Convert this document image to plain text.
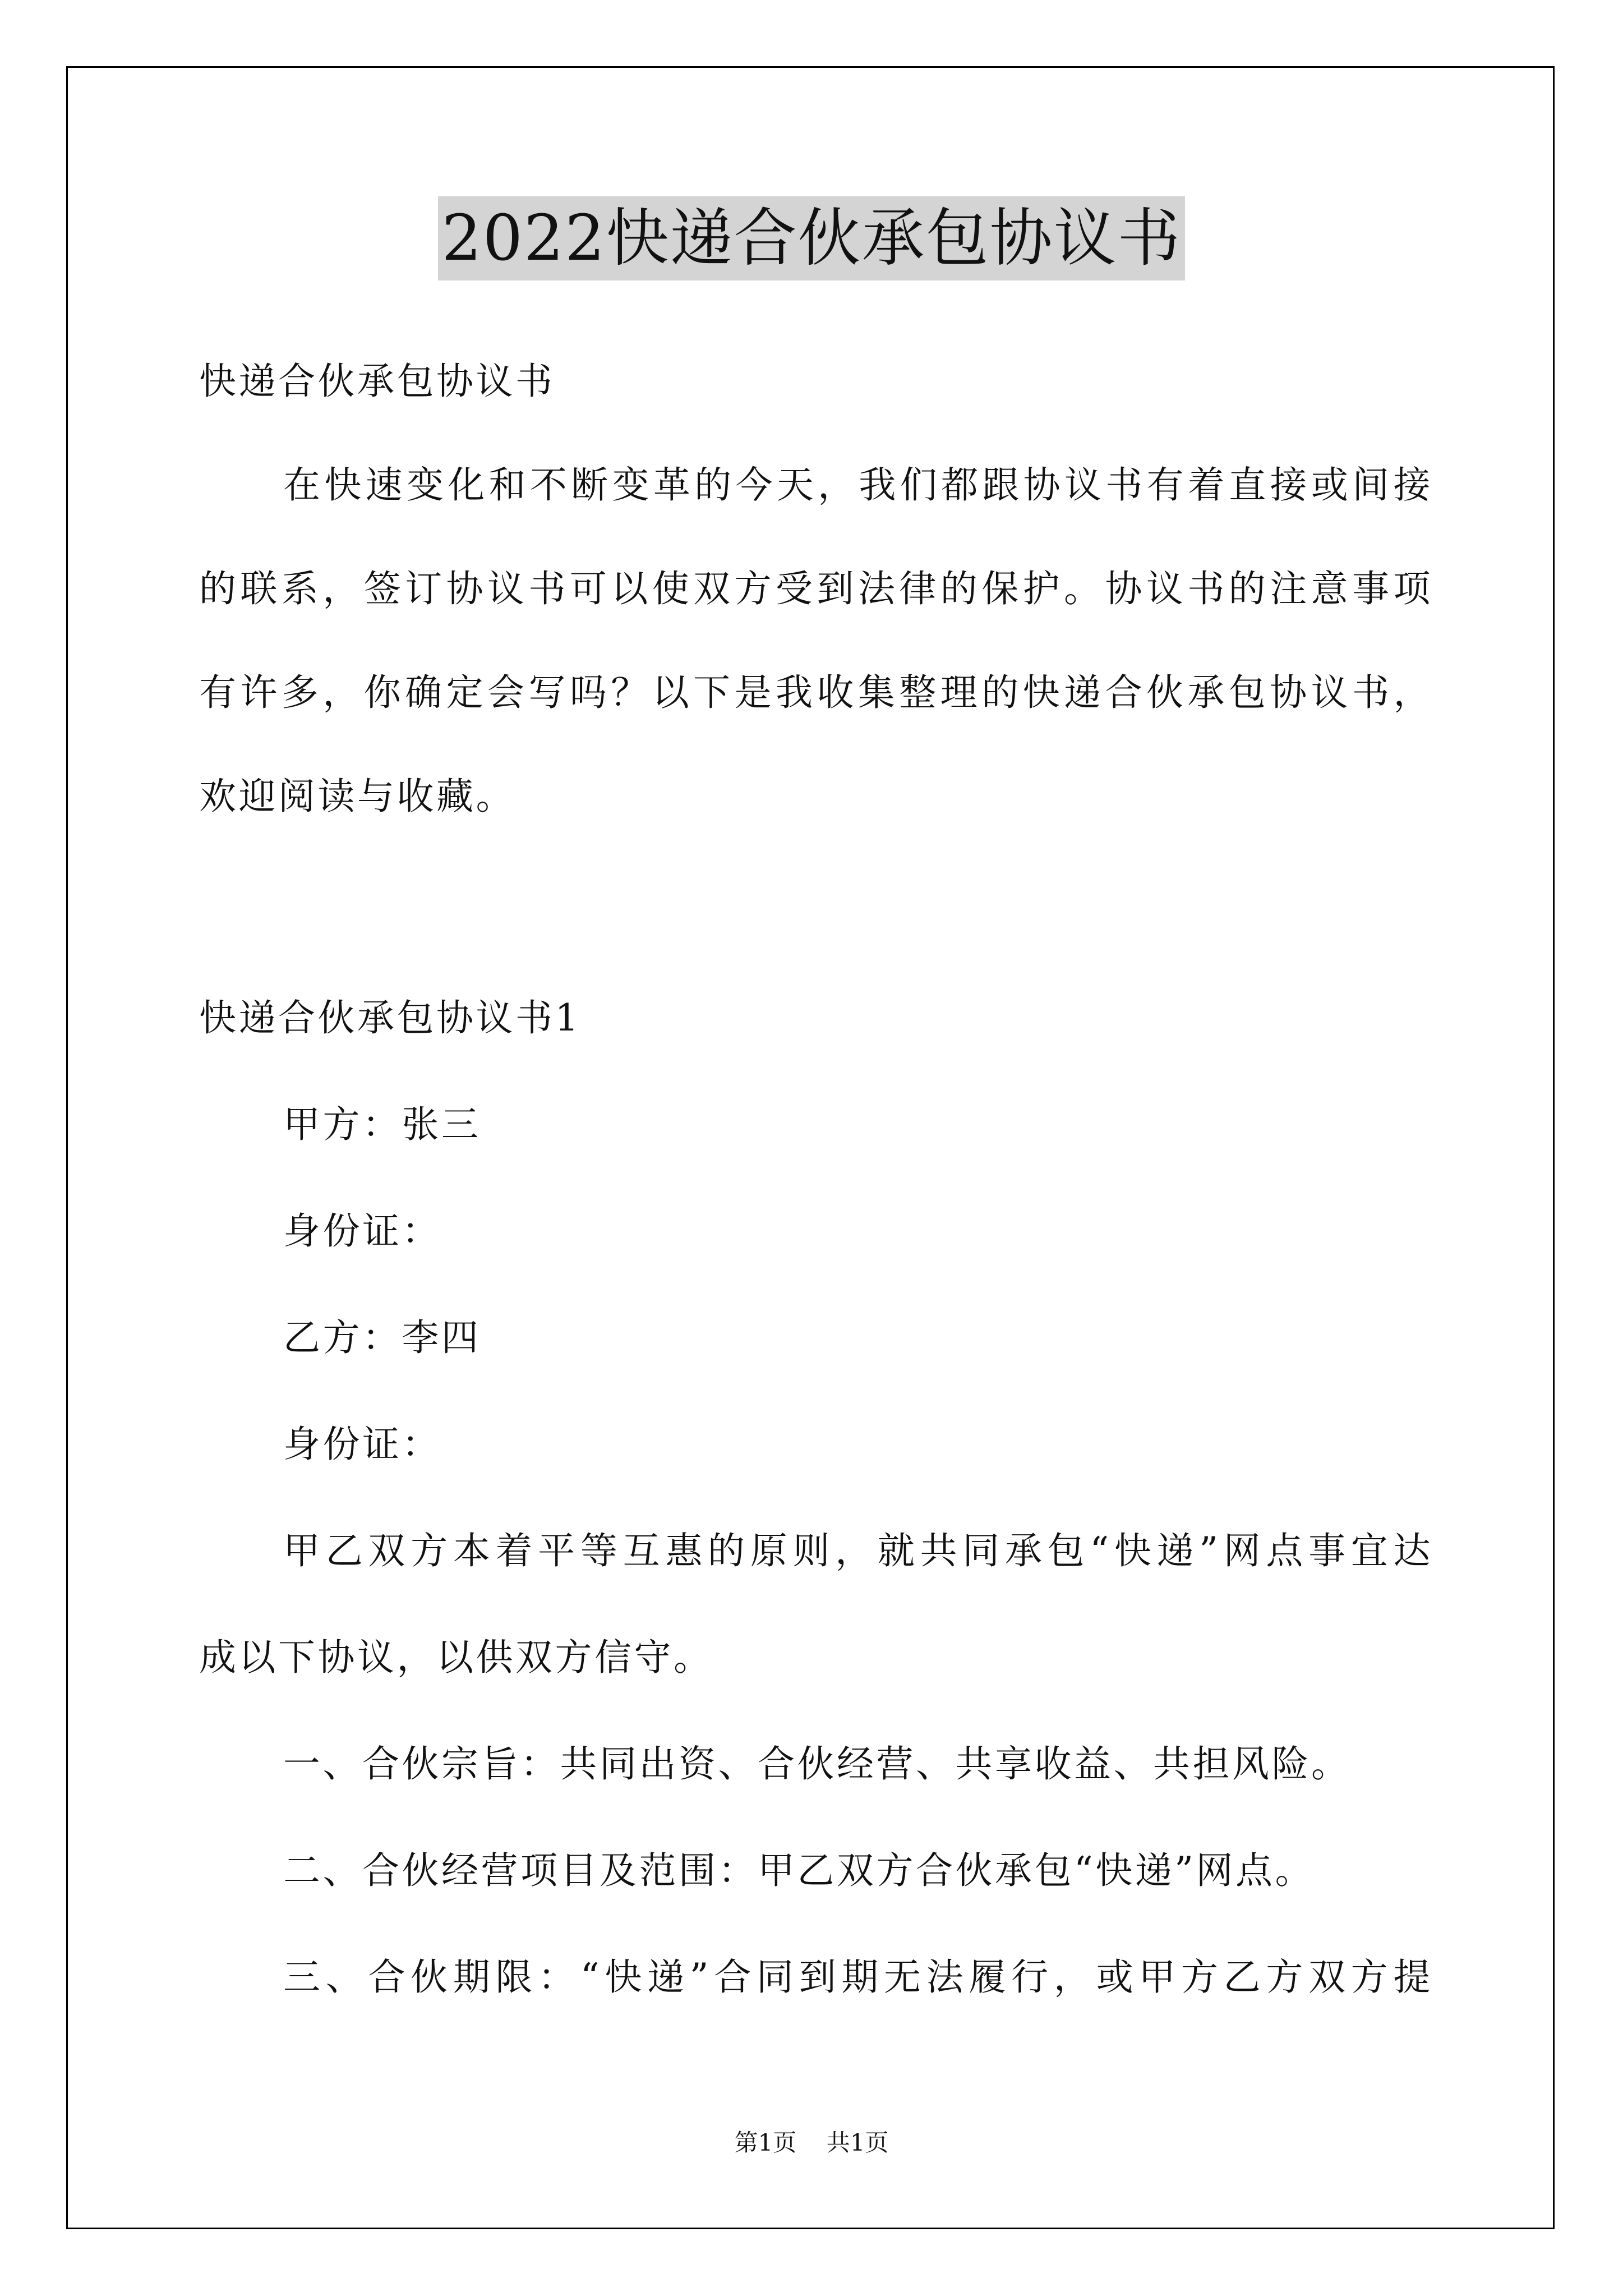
2022快递合伙承包协议书
快递合伙承包协议书
在快速变化和不断变革的今天，我们都跟协议书有着直接或间接
的联系，签订协议书可以使双方受到法律的保护。协议书的注意事项
有许多，你确定会写吗？以下是我收集整理的快递合伙承包协议书，
欢迎阅读与收藏。
快递合伙承包协议书1
甲方：张三
身份证：
乙方：李四
身份证：
甲乙双方本着平等互惠的原则，就共同承包“快递”网点事宜达
成以下协议，以供双方信守。
一、合伙宗旨：共同出资、合伙经营、共享收益、共担风险。
二、合伙经营项目及范围：甲乙双方合伙承包“快递”网点。
三、合伙期限：“快递”合同到期无法履行，或甲方乙方双方提
第1页 共1页
